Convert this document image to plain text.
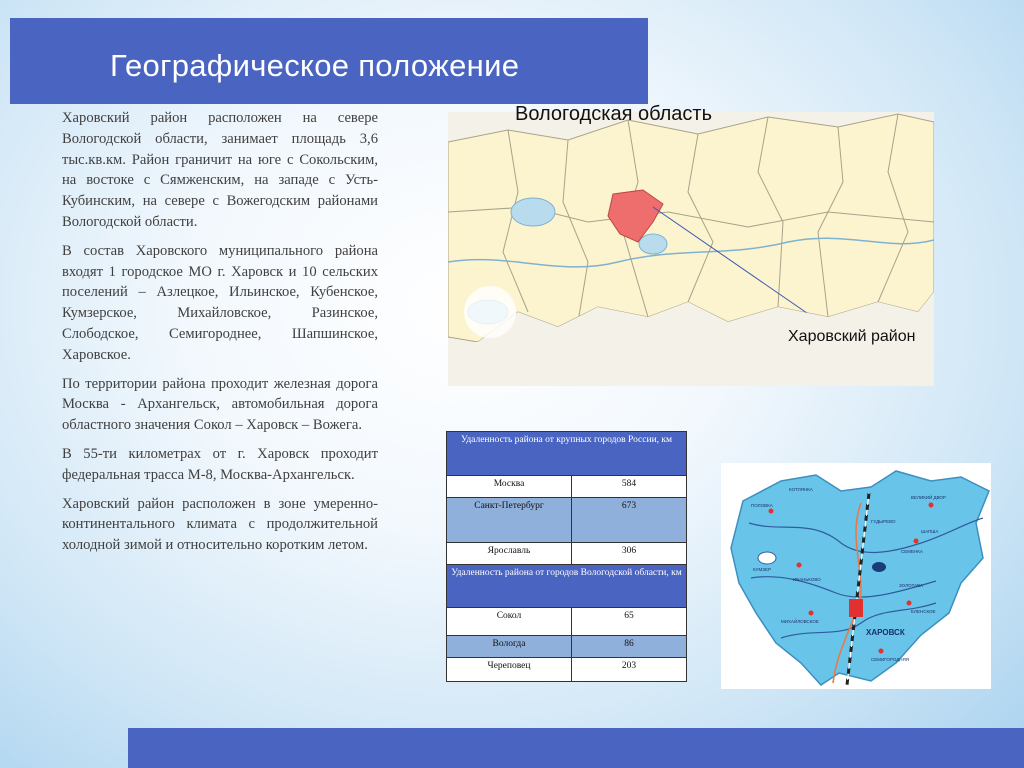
Географическое положение

Харовский район расположен на севере Вологодской области, занимает площадь 3,6 тыс.кв.км. Район граничит на юге с Сокольским, на востоке с Сямженским, на западе с Усть-Кубинским, на севере с Вожегодским районами Вологодской области.

В состав Харовского муниципального района входят 1 городское МО г. Харовск и 10 сельских поселений – Азлецкое, Ильинское, Кубенское, Кумзерское, Михайловское, Разинское, Слободское, Семигороднее, Шапшинское, Харовское.

По территории района проходит железная дорога Москва - Архангельск, автомобильная дорога областного значения Сокол – Харовск – Вожега.

В 55-ти километрах от г. Харовск проходит федеральная трасса М-8, Москва-Архангельск.

Харовский район расположен в зоне умеренно-континентального климата с продолжительной холодной зимой и относительно коротким летом.

Вологодская область
Харовский район
Удаленность района от крупных городов России, км	
Москва	584
Санкт-Петербург	673
Ярославль	306
Удаленность района от городов Вологодской области, км	
Сокол	65
Вологда	86
Череповец	203
ХАРОВСК
ПОЛОВКА
КОТЛЯНКА
ВЕЛИКИЙ ДВОР
КУМЗЕР
ГУДЫРЕВО
ИВАНЬКОВО
МИХАЙЛОВСКОЕ
СЕМЕНКА
ШАПША
СЕМИГОРОДНЯЯ
ЗОЛОТАВА
ЕЛЕНСКОЕ
